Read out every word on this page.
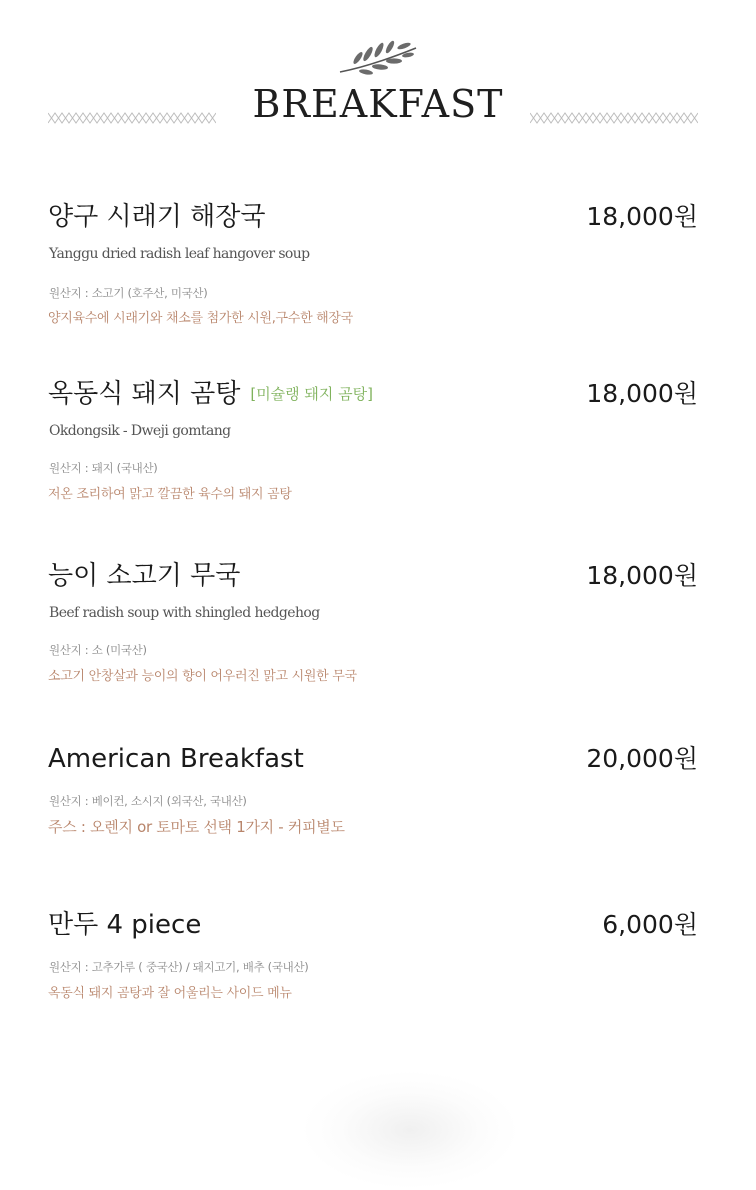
BREAKFAST
양구 시래기 해장국	18,000원
Yanggu dried radish leaf hangover soup
원산지 : 소고기 (호주산, 미국산)
양지육수에 시래기와 채소를 첨가한 시원,구수한 해장국
옥동식 돼지 곰탕 [미슐랭 돼지 곰탕]	18,000원
Okdongsik - Dweji gomtang
원산지 : 돼지 (국내산)
저온 조리하여 맑고 깔끔한 육수의 돼지 곰탕
능이 소고기 무국	18,000원
Beef radish soup with shingled hedgehog
원산지 : 소 (미국산)
소고기 안창살과 능이의 향이 어우러진 맑고 시원한 무국
American Breakfast	20,000원
원산지 : 베이컨, 소시지 (외국산, 국내산)
주스 : 오렌지 or 토마토 선택 1가지 - 커피별도
만두 4 piece	6,000원
원산지 : 고추가루 ( 중국산) / 돼지고기, 배추 (국내산)
옥동식 돼지 곰탕과 잘 어울리는 사이드 메뉴
